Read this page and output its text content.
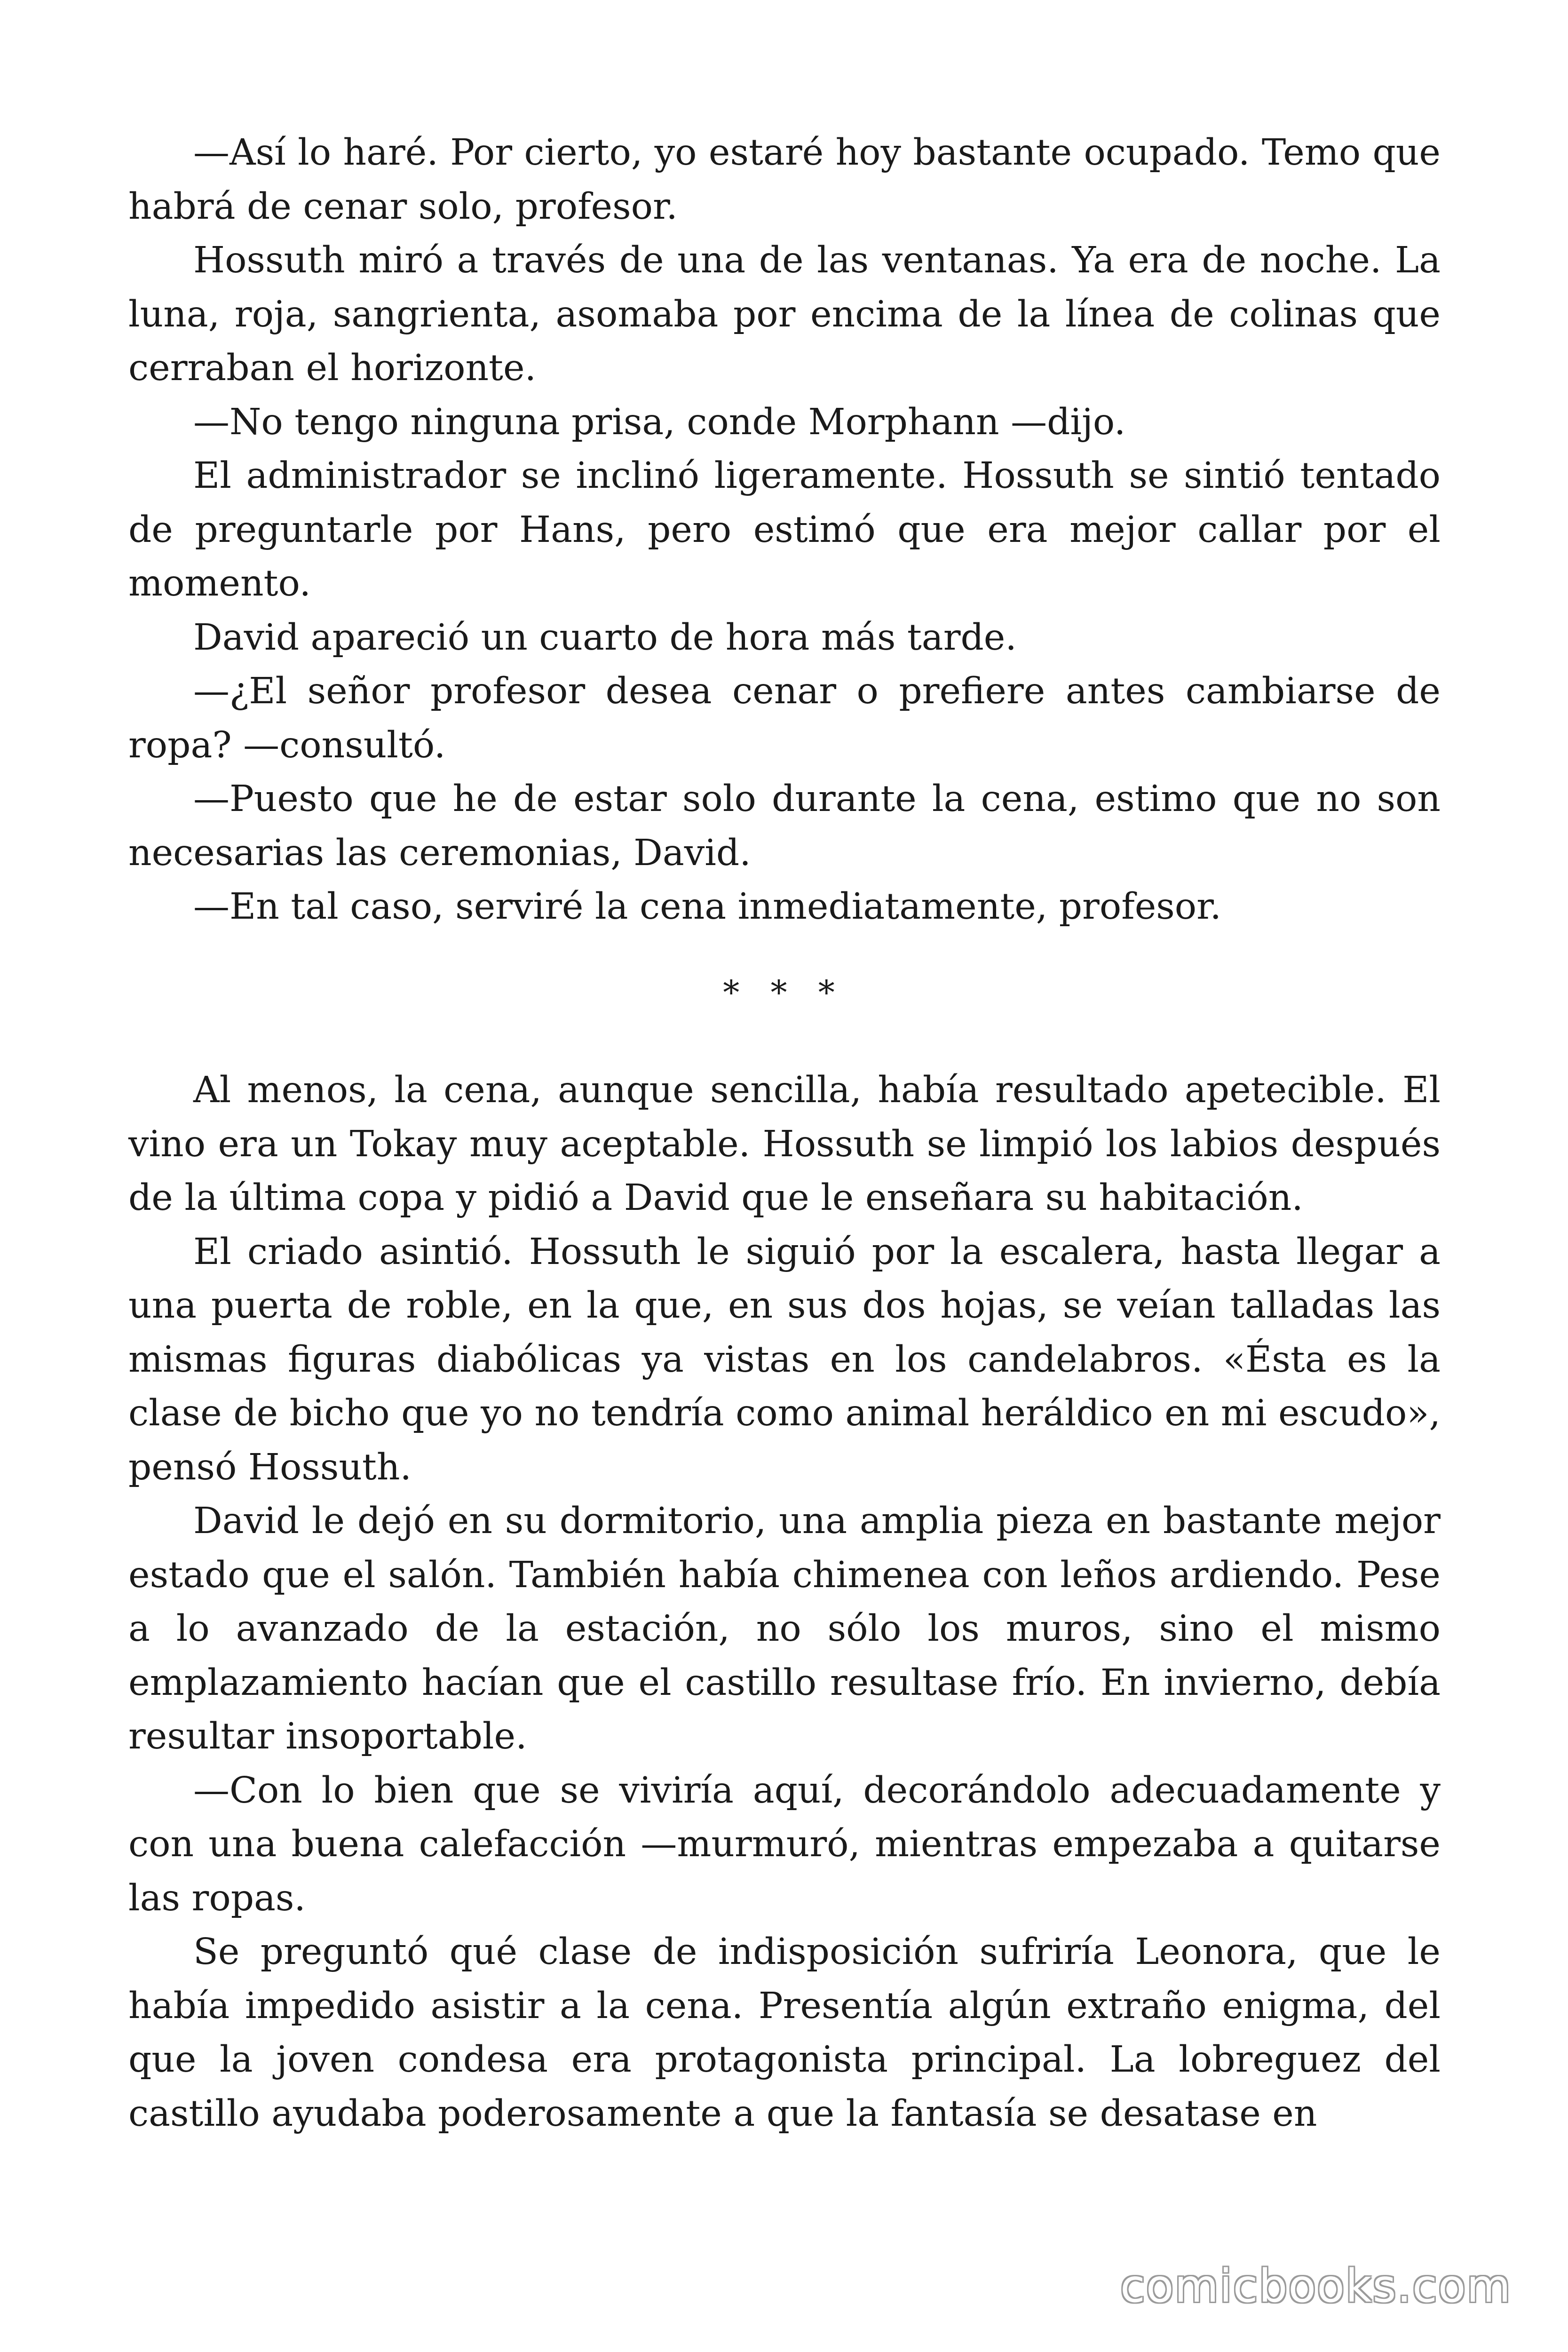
—Así lo haré. Por cierto, yo estaré hoy bastante ocupado. Temo que habrá de cenar solo, profesor.

Hossuth miró a través de una de las ventanas. Ya era de noche. La luna, roja, sangrienta, asomaba por encima de la línea de colinas que cerraban el horizonte.

—No tengo ninguna prisa, conde Morphann —dijo.

El administrador se inclinó ligeramente. Hossuth se sintió tentado de preguntarle por Hans, pero estimó que era mejor callar por el momento.

David apareció un cuarto de hora más tarde.

—¿El señor profesor desea cenar o prefiere antes cambiarse de ropa? —consultó.

—Puesto que he de estar solo durante la cena, estimo que no son necesarias las ceremonias, David.

—En tal caso, serviré la cena inmediatamente, profesor.

* * *

Al menos, la cena, aunque sencilla, había resultado apetecible. El vino era un Tokay muy aceptable. Hossuth se limpió los labios después de la última copa y pidió a David que le enseñara su habitación.

El criado asintió. Hossuth le siguió por la escalera, hasta llegar a una puerta de roble, en la que, en sus dos hojas, se veían talladas las mismas figuras diabólicas ya vistas en los candelabros. «Ésta es la clase de bicho que yo no tendría como animal heráldico en mi escudo», pensó Hossuth.

David le dejó en su dormitorio, una amplia pieza en bastante mejor estado que el salón. También había chimenea con leños ardiendo. Pese a lo avanzado de la estación, no sólo los muros, sino el mismo emplazamiento hacían que el castillo resultase frío. En invierno, debía resultar insoportable.

—Con lo bien que se viviría aquí, decorándolo adecuadamente y con una buena calefacción —murmuró, mientras empezaba a quitarse las ropas.

Se preguntó qué clase de indisposición sufriría Leonora, que le había impedido asistir a la cena. Presentía algún extraño enigma, del que la joven condesa era protagonista principal. La lobreguez del castillo ayudaba poderosamente a que la fantasía se desatase en

comicbooks.com
